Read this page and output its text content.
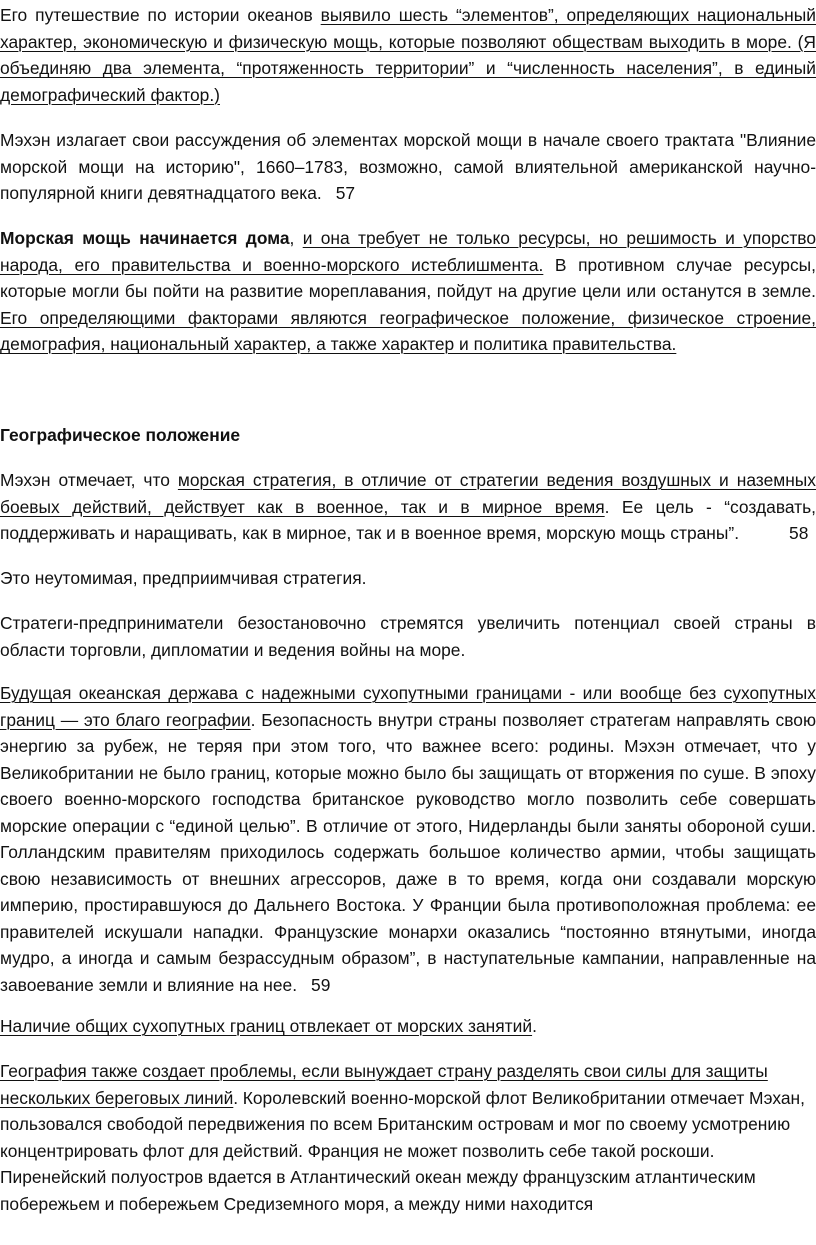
Его путешествие по истории океанов выявило шесть “элементов”, определяющих национальный характер, экономическую и физическую мощь, которые позволяют обществам выходить в море. (Я объединяю два элемента, “протяженность территории” и “численность населения”, в единый демографический фактор.)

Мэхэн излагает свои рассуждения об элементах морской мощи в начале своего трактата "Влияние морской мощи на историю", 1660–1783, возможно, самой влиятельной американской научно-популярной книги девятнадцатого века. 57

Морская мощь начинается дома, и она требует не только ресурсы, но решимость и упорство народа, его правительства и военно-морского истеблишмента. В противном случае ресурсы, которые могли бы пойти на развитие мореплавания, пойдут на другие цели или останутся в земле. Его определяющими факторами являются географическое положение, физическое строение, демография, национальный характер, а также характер и политика правительства.

Географическое положение

Мэхэн отмечает, что морская стратегия, в отличие от стратегии ведения воздушных и наземных боевых действий, действует как в военное, так и в мирное время. Ее цель - “создавать, поддерживать и наращивать, как в мирное, так и в военное время, морскую мощь страны”.	58

Это неутомимая, предприимчивая стратегия.

Стратеги-предприниматели безостановочно стремятся увеличить потенциал своей страны в области торговли, дипломатии и ведения войны на море.

Будущая океанская держава с надежными сухопутными границами - или вообще без сухопутных границ — это благо географии. Безопасность внутри страны позволяет стратегам направлять свою энергию за рубеж, не теряя при этом того, что важнее всего: родины. Мэхэн отмечает, что у Великобритании не было границ, которые можно было бы защищать от вторжения по суше. В эпоху своего военно-морского господства британское руководство могло позволить себе совершать морские операции с “единой целью”. В отличие от этого, Нидерланды были заняты обороной суши. Голландским правителям приходилось содержать большое количество армии, чтобы защищать свою независимость от внешних агрессоров, даже в то время, когда они создавали морскую империю, простиравшуюся до Дальнего Востока. У Франции была противоположная проблема: ее правителей искушали нападки. Французские монархи оказались “постоянно втянутыми, иногда мудро, а иногда и самым безрассудным образом”, в наступательные кампании, направленные на завоевание земли и влияние на нее. 59

Наличие общих сухопутных границ отвлекает от морских занятий.

География также создает проблемы, если вынуждает страну разделять свои силы для защиты нескольких береговых линий. Королевский военно-морской флот Великобритании отмечает Мэхан, пользовался свободой передвижения по всем Британским островам и мог по своему усмотрению концентрировать флот для действий. Франция не может позволить себе такой роскоши. Пиренейский полуостров вдается в Атлантический океан между французским атлантическим побережьем и побережьем Средиземного моря, а между ними находится
